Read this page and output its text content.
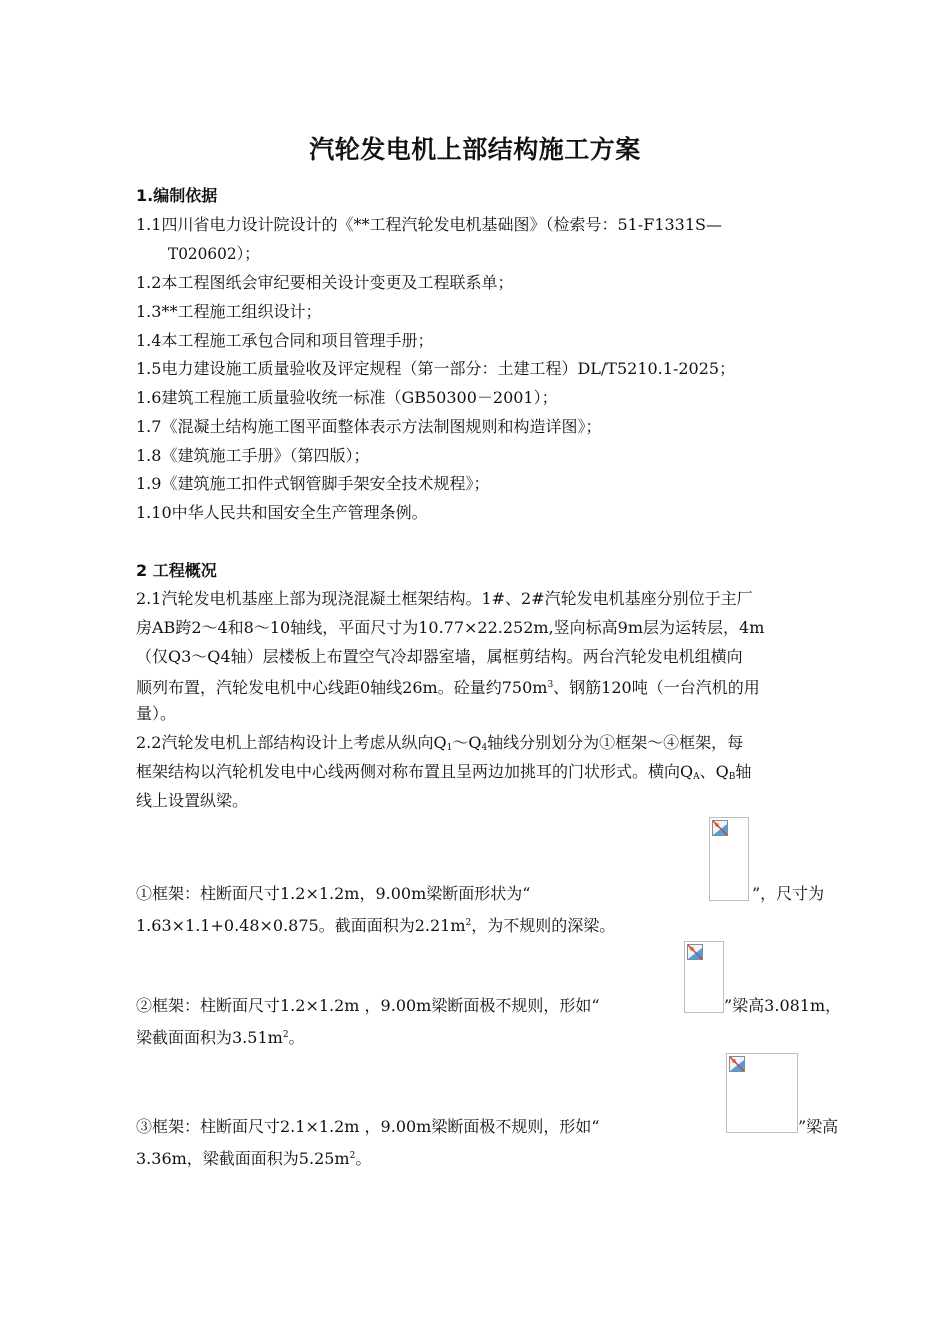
汽轮发电机上部结构施工方案
1.编制依据
1.1四川省电力设计院设计的《**工程汽轮发电机基础图》（检索号：51-F1331S—
T020602）；
1.2本工程图纸会审纪要相关设计变更及工程联系单；
1.3**工程施工组织设计；
1.4本工程施工承包合同和项目管理手册；
1.5电力建设施工质量验收及评定规程（第一部分：土建工程）DL/T5210.1-2025；
1.6建筑工程施工质量验收统一标准（GB50300－2001）；
1.7《混凝土结构施工图平面整体表示方法制图规则和构造详图》；
1.8《建筑施工手册》（第四版）；
1.9《建筑施工扣件式钢管脚手架安全技术规程》；
1.10中华人民共和国安全生产管理条例。
2 工程概况
2.1汽轮发电机基座上部为现浇混凝土框架结构。1#、2#汽轮发电机基座分别位于主厂
房AB跨2～4和8～10轴线，平面尺寸为10.77×22.252m,竖向标高9m层为运转层，4m
（仅Q3～Q4轴）层楼板上布置空气冷却器室墙，属框剪结构。两台汽轮发电机组横向
顺列布置，汽轮发电机中心线距0轴线26m。砼量约$750m^3$、钢筋120吨（一台汽机的用
量）。
2.2汽轮发电机上部结构设计上考虑从纵向$Q_1\sim Q_4$轴线分别划分为①框架～④框架，每
框架结构以汽轮机发电中心线两侧对称布置且呈两边加挑耳的门状形式。横向$Q_A$、$Q_B$轴
线上设置纵梁。
①框架：柱断面尺寸1.2×1.2m，9.00m梁断面形状为“	”，尺寸为
1.63×1.1+0.48×0.875。截面面积为$2.21m^2$，为不规则的深梁。
②框架：柱断面尺寸1.2×1.2m ，9.00m梁断面极不规则，形如“	”梁高3.081m，
梁截面面积为$3.51m^2$。
③框架：柱断面尺寸2.1×1.2m ，9.00m梁断面极不规则，形如“	”梁高
3.36m，梁截面面积为$5.25m^2$。
